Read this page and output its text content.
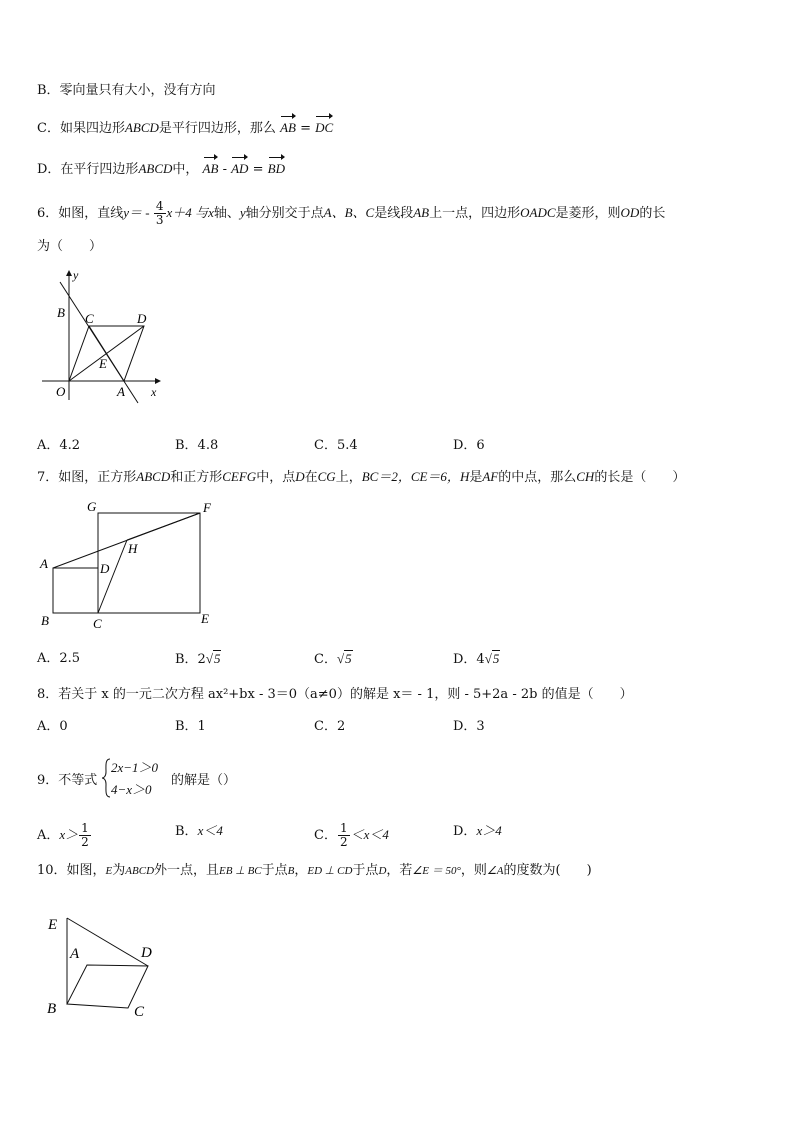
B．零向量只有大小，没有方向
C．如果四边形ABCD是平行四边形，那么 AB = DC
D．在平行四边形ABCD中， AB - AD = BD
6．如图，直线$y= - \frac{4}{3} x+4$ 与x轴、y轴分别交于点A、B、C是线段AB上一点，四边形OADC是菱形，则OD的长
为（　　）
y
x
B C	D
E
O	A
A．4.2	B．4.8	C．5.4	D．6
7．如图，正方形ABCD和正方形CEFG中，点D在CG上，BC＝2，CE＝6，H是AF的中点，那么CH的长是（　　）
G	F
H
A	D
B	C	E
A．2.5	B．2√5	C．√5	D．4√5
8．若关于 x 的一元二次方程 ax²+bx - 3＝0（a≠0）的解是 x＝ - 1，则 - 5+2a - 2b 的值是（　　）
A．0	B．1	C．2	D．3
9．不等式
2x−1＞0
4−x＞0
的解是（）
A．$x> \frac{1}{2}$	B．x＜4	C． $\frac{1}{2} <x<4$	D．x＞4
10．如图，E为ABCD外一点，且EB ⊥ BC于点B，ED ⊥ CD于点D，若∠E ＝ 50°，则∠A的度数为(　　)
E
A	D
B	C
